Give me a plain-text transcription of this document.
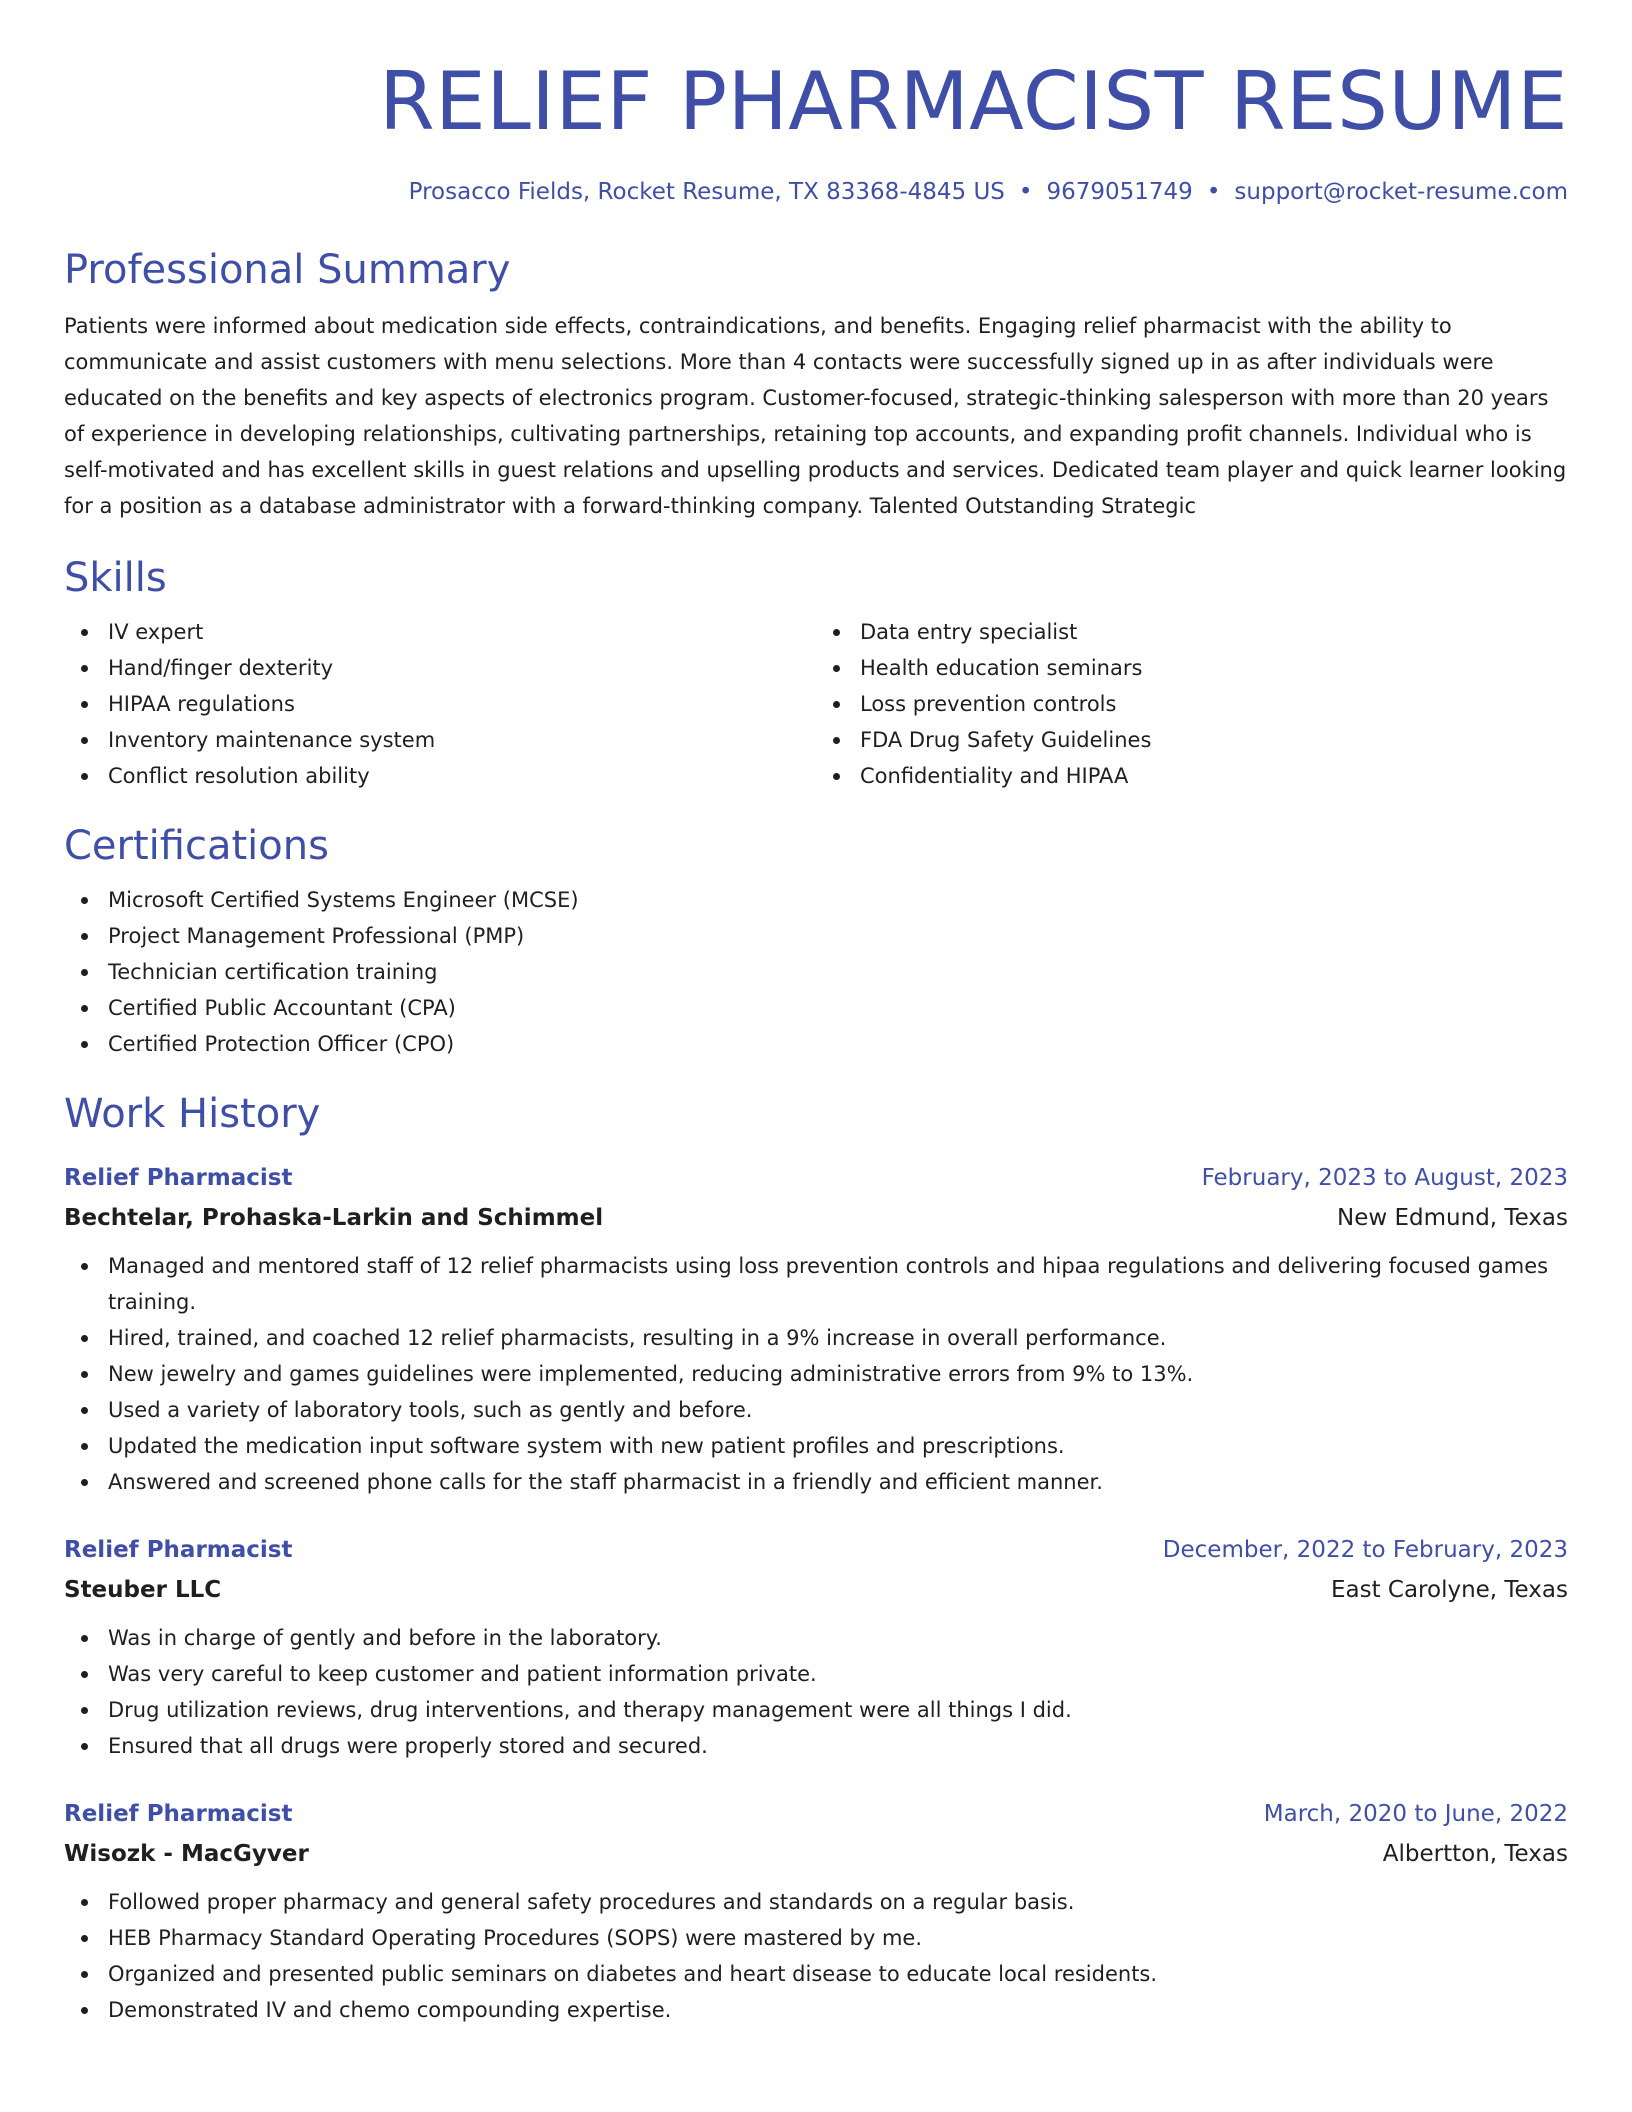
RELIEF PHARMACIST RESUME
Prosacco Fields, Rocket Resume, TX 83368-4845 US • 9679051749 • support@rocket-resume.com
Professional Summary

Patients were informed about medication side effects, contraindications, and benefits. Engaging relief pharmacist with the ability to communicate and assist customers with menu selections. More than 4 contacts were successfully signed up in as after individuals were educated on the benefits and key aspects of electronics program. Customer-focused, strategic-thinking salesperson with more than 20 years of experience in developing relationships, cultivating partnerships, retaining top accounts, and expanding profit channels. Individual who is self-motivated and has excellent skills in guest relations and upselling products and services. Dedicated team player and quick learner looking for a position as a database administrator with a forward-thinking company. Talented Outstanding Strategic

Skills
IV expert
Hand/finger dexterity
HIPAA regulations
Inventory maintenance system
Conflict resolution ability
Data entry specialist
Health education seminars
Loss prevention controls
FDA Drug Safety Guidelines
Confidentiality and HIPAA
Certifications
Microsoft Certified Systems Engineer (MCSE)
Project Management Professional (PMP)
Technician certification training
Certified Public Accountant (CPA)
Certified Protection Officer (CPO)
Work History
Relief Pharmacist	February, 2023 to August, 2023
Bechtelar, Prohaska-Larkin and Schimmel	New Edmund, Texas
Managed and mentored staff of 12 relief pharmacists using loss prevention controls and hipaa regulations and delivering focused games training.
Hired, trained, and coached 12 relief pharmacists, resulting in a 9% increase in overall performance.
New jewelry and games guidelines were implemented, reducing administrative errors from 9% to 13%.
Used a variety of laboratory tools, such as gently and before.
Updated the medication input software system with new patient profiles and prescriptions.
Answered and screened phone calls for the staff pharmacist in a friendly and efficient manner.
Relief Pharmacist	December, 2022 to February, 2023
Steuber LLC	East Carolyne, Texas
Was in charge of gently and before in the laboratory.
Was very careful to keep customer and patient information private.
Drug utilization reviews, drug interventions, and therapy management were all things I did.
Ensured that all drugs were properly stored and secured.
Relief Pharmacist	March, 2020 to June, 2022
Wisozk - MacGyver	Albertton, Texas
Followed proper pharmacy and general safety procedures and standards on a regular basis.
HEB Pharmacy Standard Operating Procedures (SOPS) were mastered by me.
Organized and presented public seminars on diabetes and heart disease to educate local residents.
Demonstrated IV and chemo compounding expertise.
